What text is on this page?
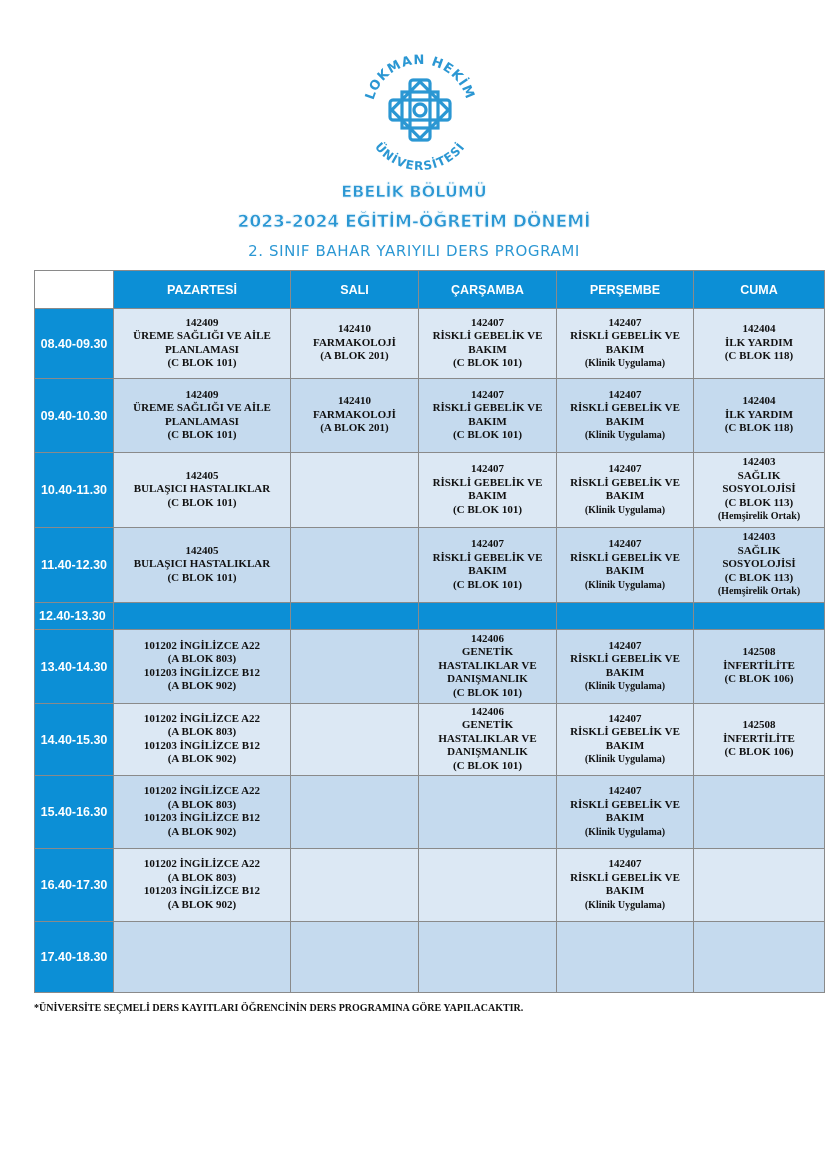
LOKMAN HEKİM
ÜNİVERSİTESİ
EBELİK BÖLÜMÜ
2023-2024 EĞİTİM-ÖĞRETİM DÖNEMİ
2. SINIF BAHAR YARIYILI DERS PROGRAMI
	PAZARTESİ	SALI	ÇARŞAMBA	PERŞEMBE	CUMA
08.40-09.30	142409
ÜREME SAĞLIĞI VE AİLE
PLANLAMASI
(C BLOK 101)	142410
FARMAKOLOJİ
(A BLOK 201)	142407
RİSKLİ GEBELİK VE
BAKIM
(C BLOK 101)	142407
RİSKLİ GEBELİK VE
BAKIM
(Klinik Uygulama)	142404
İLK YARDIM
(C BLOK 118)

09.40-10.30	142409
ÜREME SAĞLIĞI VE AİLE
PLANLAMASI
(C BLOK 101)	142410
FARMAKOLOJİ
(A BLOK 201)	142407
RİSKLİ GEBELİK VE
BAKIM
(C BLOK 101)	142407
RİSKLİ GEBELİK VE
BAKIM
(Klinik Uygulama)	142404
İLK YARDIM
(C BLOK 118)

10.40-11.30	142405
BULAŞICI HASTALIKLAR
(C BLOK 101)		142407
RİSKLİ GEBELİK VE
BAKIM
(C BLOK 101)	142407
RİSKLİ GEBELİK VE
BAKIM
(Klinik Uygulama)	142403
SAĞLIK
SOSYOLOJİSİ
(C BLOK 113)
(Hemşirelik Ortak)

11.40-12.30	142405
BULAŞICI HASTALIKLAR
(C BLOK 101)		142407
RİSKLİ GEBELİK VE
BAKIM
(C BLOK 101)	142407
RİSKLİ GEBELİK VE
BAKIM
(Klinik Uygulama)	142403
SAĞLIK
SOSYOLOJİSİ
(C BLOK 113)
(Hemşirelik Ortak)

12.40-13.30					
13.40-14.30	101202 İNGİLİZCE A22
(A BLOK 803)
101203 İNGİLİZCE B12
(A BLOK 902)		142406
GENETİK
HASTALIKLAR VE
DANIŞMANLIK
(C BLOK 101)	142407
RİSKLİ GEBELİK VE
BAKIM
(Klinik Uygulama)	142508
İNFERTİLİTE
(C BLOK 106)

14.40-15.30	101202 İNGİLİZCE A22
(A BLOK 803)
101203 İNGİLİZCE B12
(A BLOK 902)		142406
GENETİK
HASTALIKLAR VE
DANIŞMANLIK
(C BLOK 101)	142407
RİSKLİ GEBELİK VE
BAKIM
(Klinik Uygulama)	142508
İNFERTİLİTE
(C BLOK 106)

15.40-16.30	101202 İNGİLİZCE A22
(A BLOK 803)
101203 İNGİLİZCE B12
(A BLOK 902)			142407
RİSKLİ GEBELİK VE
BAKIM
(Klinik Uygulama)	

16.40-17.30	101202 İNGİLİZCE A22
(A BLOK 803)
101203 İNGİLİZCE B12
(A BLOK 902)			142407
RİSKLİ GEBELİK VE
BAKIM
(Klinik Uygulama)	

17.40-18.30					
*ÜNİVERSİTE SEÇMELİ DERS KAYITLARI ÖĞRENCİNİN DERS PROGRAMINA GÖRE YAPILACAKTIR.
